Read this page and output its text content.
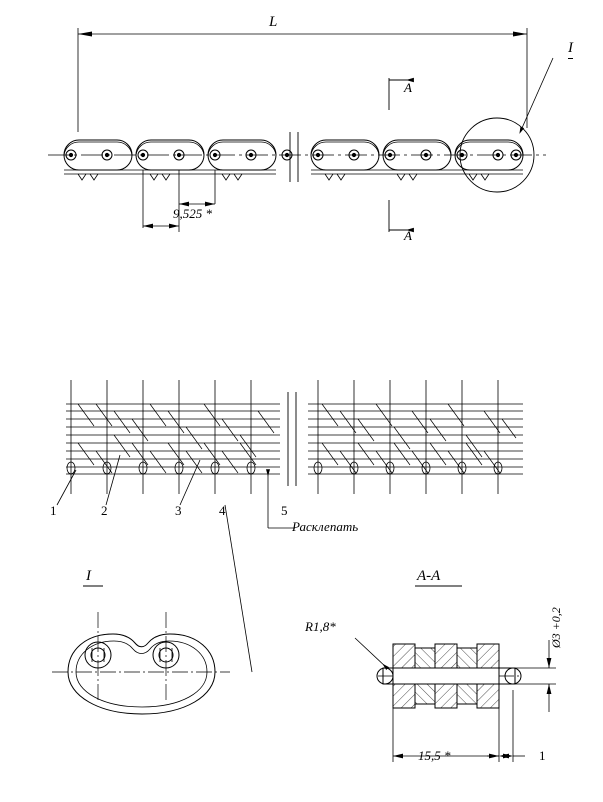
L
I
A
A
9,525 *
1	2	3	4	5
Расклепать
I	A-A
R1,8*	Ø3 +0,2
15,5 *	1
